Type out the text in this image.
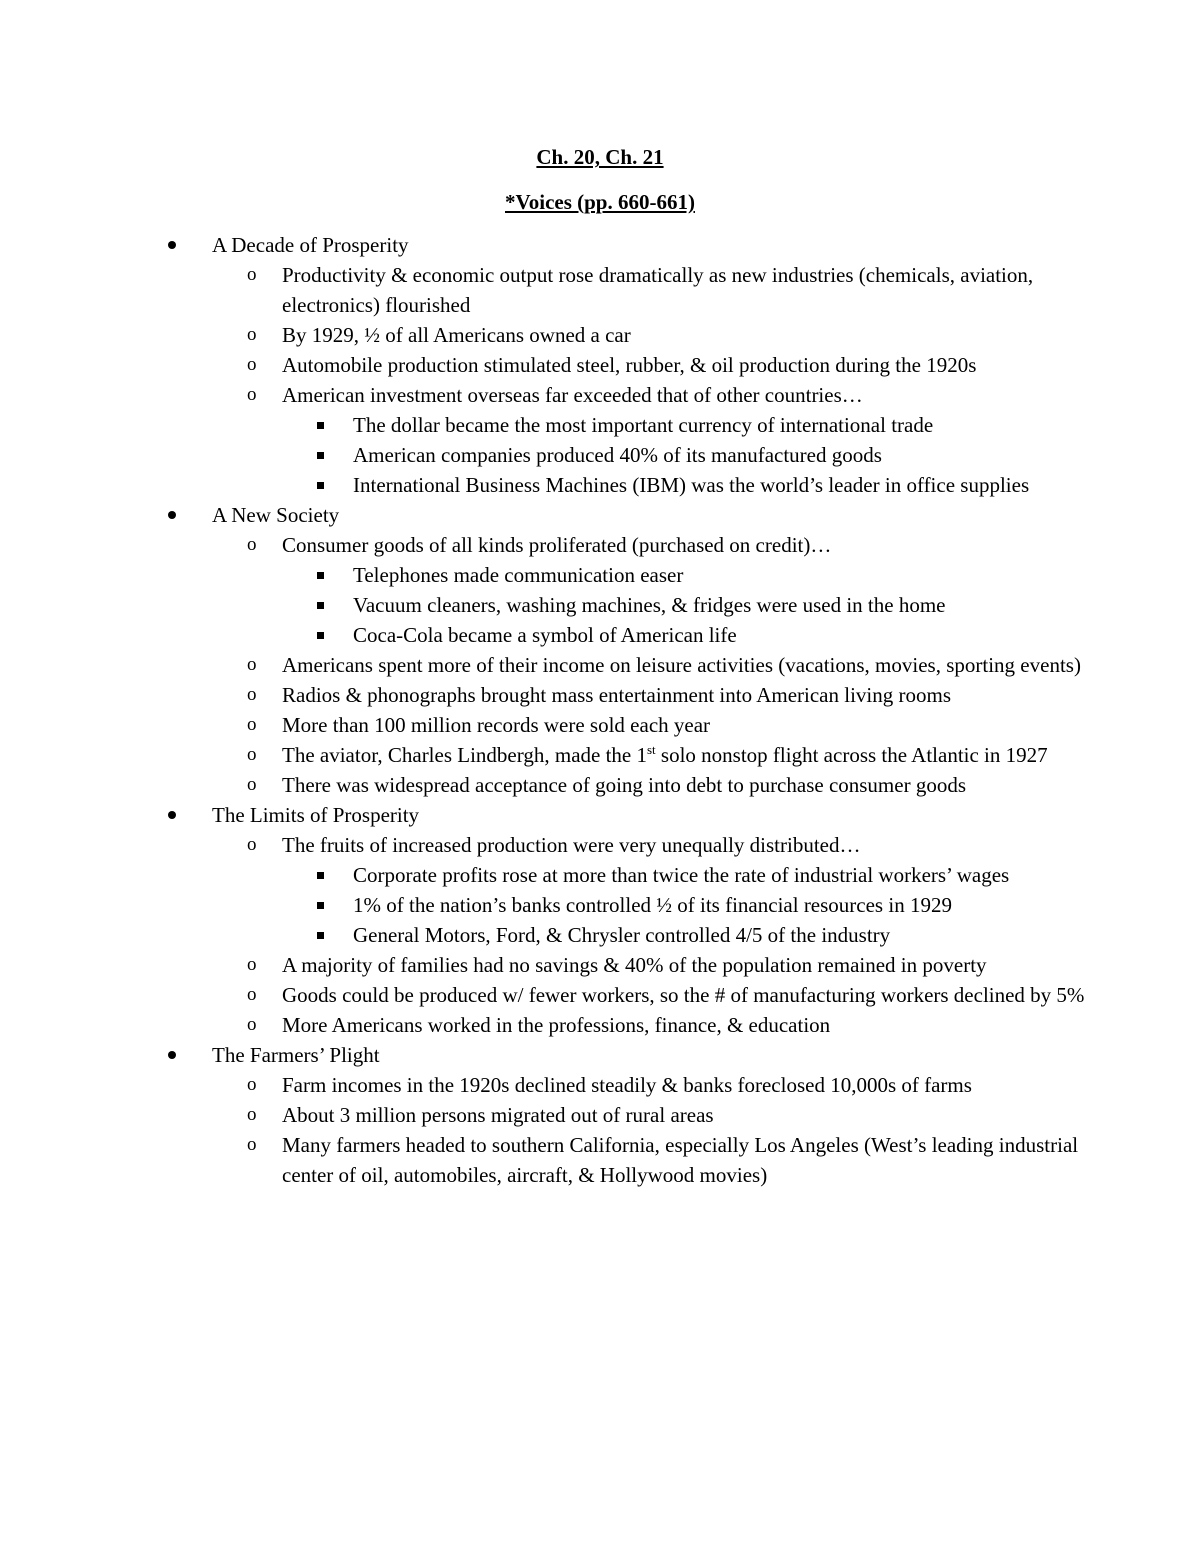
Ch. 20, Ch. 21
*Voices (pp. 660-661)
A Decade of Prosperity
o Productivity & economic output rose dramatically as new industries (chemicals, aviation, electronics) flourished
o By 1929, ½ of all Americans owned a car
o Automobile production stimulated steel, rubber, & oil production during the 1920s
o American investment overseas far exceeded that of other countries…
The dollar became the most important currency of international trade
American companies produced 40% of its manufactured goods
International Business Machines (IBM) was the world’s leader in office supplies
A New Society
o Consumer goods of all kinds proliferated (purchased on credit)…
Telephones made communication easer
Vacuum cleaners, washing machines, & fridges were used in the home
Coca-Cola became a symbol of American life
o Americans spent more of their income on leisure activities (vacations, movies, sporting events)
o Radios & phonographs brought mass entertainment into American living rooms
o More than 100 million records were sold each year
o The aviator, Charles Lindbergh, made the 1st solo nonstop flight across the Atlantic in 1927
o There was widespread acceptance of going into debt to purchase consumer goods
The Limits of Prosperity
o The fruits of increased production were very unequally distributed…
Corporate profits rose at more than twice the rate of industrial workers’ wages
1% of the nation’s banks controlled ½ of its financial resources in 1929
General Motors, Ford, & Chrysler controlled 4/5 of the industry
o A majority of families had no savings & 40% of the population remained in poverty
o Goods could be produced w/ fewer workers, so the # of manufacturing workers declined by 5%
o More Americans worked in the professions, finance, & education
The Farmers’ Plight
o Farm incomes in the 1920s declined steadily & banks foreclosed 10,000s of farms
o About 3 million persons migrated out of rural areas
o Many farmers headed to southern California, especially Los Angeles (West’s leading industrial center of oil, automobiles, aircraft, & Hollywood movies)
